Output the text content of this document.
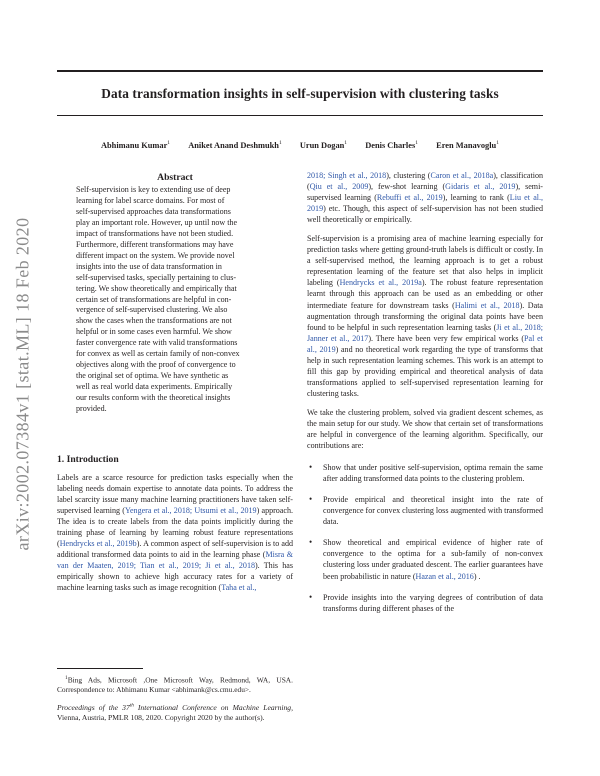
Data transformation insights in self-supervision with clustering tasks
Abhimanu Kumar$^1$ Aniket Anand Deshmukh$^1$ Urun Dogan$^1$ Denis Charles$^1$ Eren Manavoglu$^1$
arXiv:2002.07384v1 [stat.ML] 18 Feb 2020
Abstract
Self-supervision is key to extending use of deep
learning for label scarce domains. For most of
self-supervised approaches data transformations
play an important role. However, up until now the
impact of transformations have not been studied.
Furthermore, different transformations may have
different impact on the system. We provide novel
insights into the use of data transformation in
self-supervised tasks, specially pertaining to clus-
tering. We show theoretically and empirically that
certain set of transformations are helpful in con-
vergence of self-supervised clustering. We also
show the cases when the transformations are not
helpful or in some cases even harmful. We show
faster convergence rate with valid transformations
for convex as well as certain family of non-convex
objectives along with the proof of convergence to
the original set of optima. We have synthetic as
well as real world data experiments. Empirically
our results conform with the theoretical insights
provided.
1. Introduction

Labels are a scarce resource for prediction tasks especially when the labeling needs domain expertise to annotate data points. To address the label scarcity issue many machine learning practitioners have taken self-supervised learning (Yengera et al., 2018; Utsumi et al., 2019) approach. The idea is to create labels from the data points implicitly during the training phase of learning by learning robust feature representations (Hendrycks et al., 2019b). A common aspect of self-supervision is to add additional transformed data points to aid in the learning phase (Misra & van der Maaten, 2019; Tian et al., 2019; Ji et al., 2018). This has empirically shown to achieve high accuracy rates for a variety of machine learning tasks such as image recognition (Taha et al.,

$^1$Bing Ads, Microsoft ,One Microsoft Way, Redmond, WA, USA. Correspondence to: Abhimanu Kumar <abhimank@cs.cmu.edu>.

Proceedings of the 37th International Conference on Machine Learning, Vienna, Austria, PMLR 108, 2020. Copyright 2020 by the author(s).

2018; Singh et al., 2018), clustering (Caron et al., 2018a), classification (Qiu et al., 2009), few-shot learning (Gidaris et al., 2019), semi-supervised learning (Rebuffi et al., 2019), learning to rank (Liu et al., 2019) etc. Though, this aspect of self-supervision has not been studied well theoretically or empirically.

Self-supervision is a promising area of machine learning especially for prediction tasks where getting ground-truth labels is difficult or costly. In a self-supervised method, the learning approach is to get a robust representation learning of the feature set that also helps in implicit labeling (Hendrycks et al., 2019a). The robust feature representation learnt through this approach can be used as an embedding or other intermediate feature for downstream tasks (Halimi et al., 2018). Data augmentation through transforming the original data points have been found to be helpful in such representation learning tasks (Ji et al., 2018; Janner et al., 2017). There have been very few empirical works (Pal et al., 2019) and no theoretical work regarding the type of transforms that help in such representation learning schemes. This work is an attempt to fill this gap by providing empirical and theoretical analysis of data transformations applied to self-supervised representation learning for clustering tasks.

We take the clustering problem, solved via gradient descent schemes, as the main setup for our study. We show that certain set of transformations are helpful in convergence of the learning algorithm. Specifically, our contributions are:

• Show that under positive self-supervision, optima remain the same after adding transformed data points to the clustering problem.

• Provide empirical and theoretical insight into the rate of convergence for convex clustering loss augmented with transformed data.

• Show theoretical and empirical evidence of higher rate of convergence to the optima for a sub-family of non-convex clustering loss under graduated descent. The earlier guarantees have been probabilistic in nature (Hazan et al., 2016) .

• Provide insights into the varying degrees of contribution of data transforms during different phases of the
